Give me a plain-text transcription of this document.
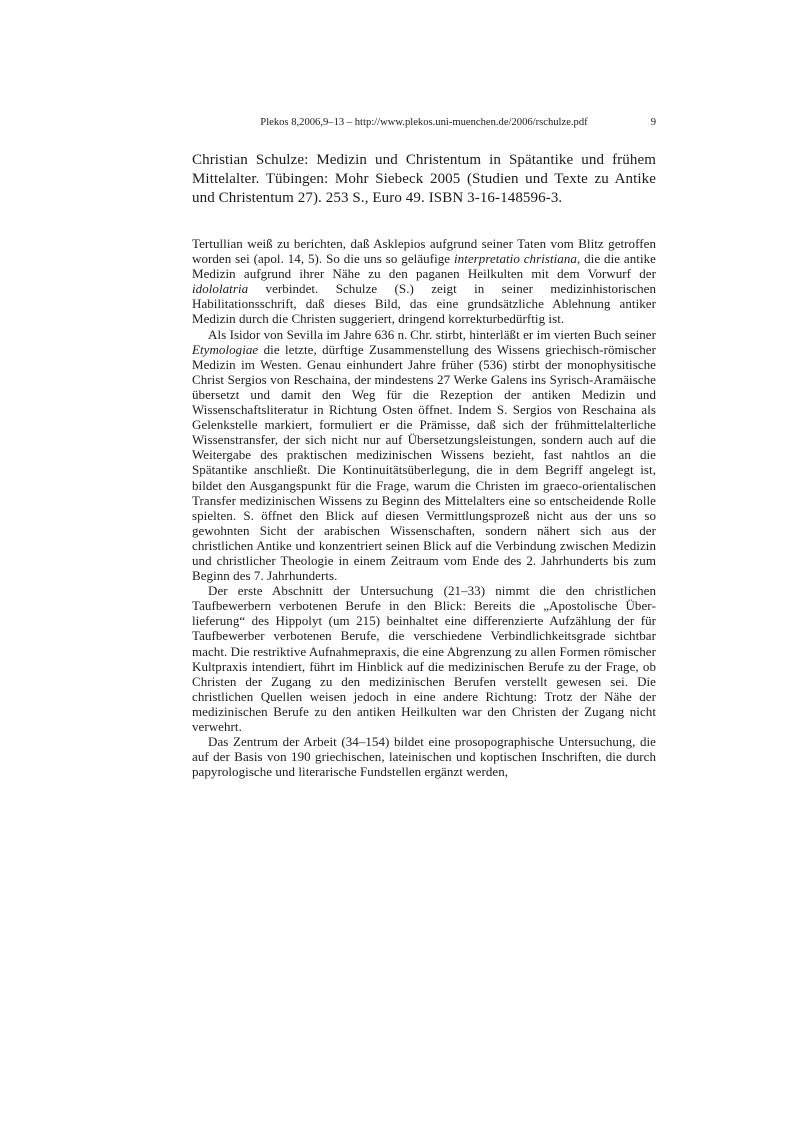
Plekos 8,2006,9–13 – http://www.plekos.uni-muenchen.de/2006/rschulze.pdf	9
Christian Schulze: Medizin und Christentum in Spätantike und frühem Mittelalter. Tübingen: Mohr Siebeck 2005 (Studien und Texte zu Antike und Christentum 27). 253 S., Euro 49. ISBN 3-16-148596-3.

Tertullian weiß zu berichten, daß Asklepios aufgrund seiner Taten vom Blitz getroffen worden sei (apol. 14, 5). So die uns so geläufige interpretatio christiana, die die antike Medizin aufgrund ihrer Nähe zu den paganen Heilkulten mit dem Vorwurf der idololatria verbindet. Schulze (S.) zeigt in seiner medizinhistorischen Habilitationsschrift, daß dieses Bild, das eine grundsätzliche Ablehnung antiker Medizin durch die Christen suggeriert, dringend korrekturbedürftig ist.

Als Isidor von Sevilla im Jahre 636 n. Chr. stirbt, hinterläßt er im vierten Buch seiner Etymologiae die letzte, dürftige Zusammenstellung des Wissens griechisch-römischer Medizin im Westen. Genau einhundert Jahre früher (536) stirbt der monophysitische Christ Sergios von Reschaina, der mindestens 27 Werke Galens ins Syrisch-Aramäische übersetzt und damit den Weg für die Rezeption der antiken Medizin und Wissenschaftsliteratur in Richtung Osten öffnet. Indem S. Sergios von Reschaina als Gelenkstelle markiert, formuliert er die Prämisse, daß sich der frühmittelalterliche Wissenstransfer, der sich nicht nur auf Übersetzungsleistungen, sondern auch auf die Weitergabe des praktischen medizinischen Wissens bezieht, fast nahtlos an die Spätantike anschließt. Die Kontinuitätsüberlegung, die in dem Begriff angelegt ist, bildet den Ausgangspunkt für die Frage, warum die Christen im graeco-orientalischen Transfer medizinischen Wissens zu Beginn des Mittelalters eine so entscheidende Rolle spielten. S. öffnet den Blick auf diesen Vermittlungsprozeß nicht aus der uns so gewohnten Sicht der arabischen Wissenschaften, sondern nähert sich aus der christlichen Antike und konzentriert seinen Blick auf die Verbindung zwischen Medizin und christlicher Theologie in einem Zeitraum vom Ende des 2. Jahrhunderts bis zum Beginn des 7. Jahrhunderts.

Der erste Abschnitt der Untersuchung (21–33) nimmt die den christlichen Taufbewerbern verbotenen Berufe in den Blick: Bereits die „Apostolische Überlieferung“ des Hippolyt (um 215) beinhaltet eine differenzierte Aufzählung der für Taufbewerber verbotenen Berufe, die verschiedene Verbindlichkeitsgrade sichtbar macht. Die restriktive Aufnahmepraxis, die eine Abgrenzung zu allen Formen römischer Kultpraxis intendiert, führt im Hinblick auf die medizinischen Berufe zu der Frage, ob Christen der Zugang zu den medizinischen Berufen verstellt gewesen sei. Die christlichen Quellen weisen jedoch in eine andere Richtung: Trotz der Nähe der medizinischen Berufe zu den antiken Heilkulten war den Christen der Zugang nicht verwehrt.

Das Zentrum der Arbeit (34–154) bildet eine prosopographische Untersuchung, die auf der Basis von 190 griechischen, lateinischen und koptischen Inschriften, die durch papyrologische und literarische Fundstellen ergänzt werden,
